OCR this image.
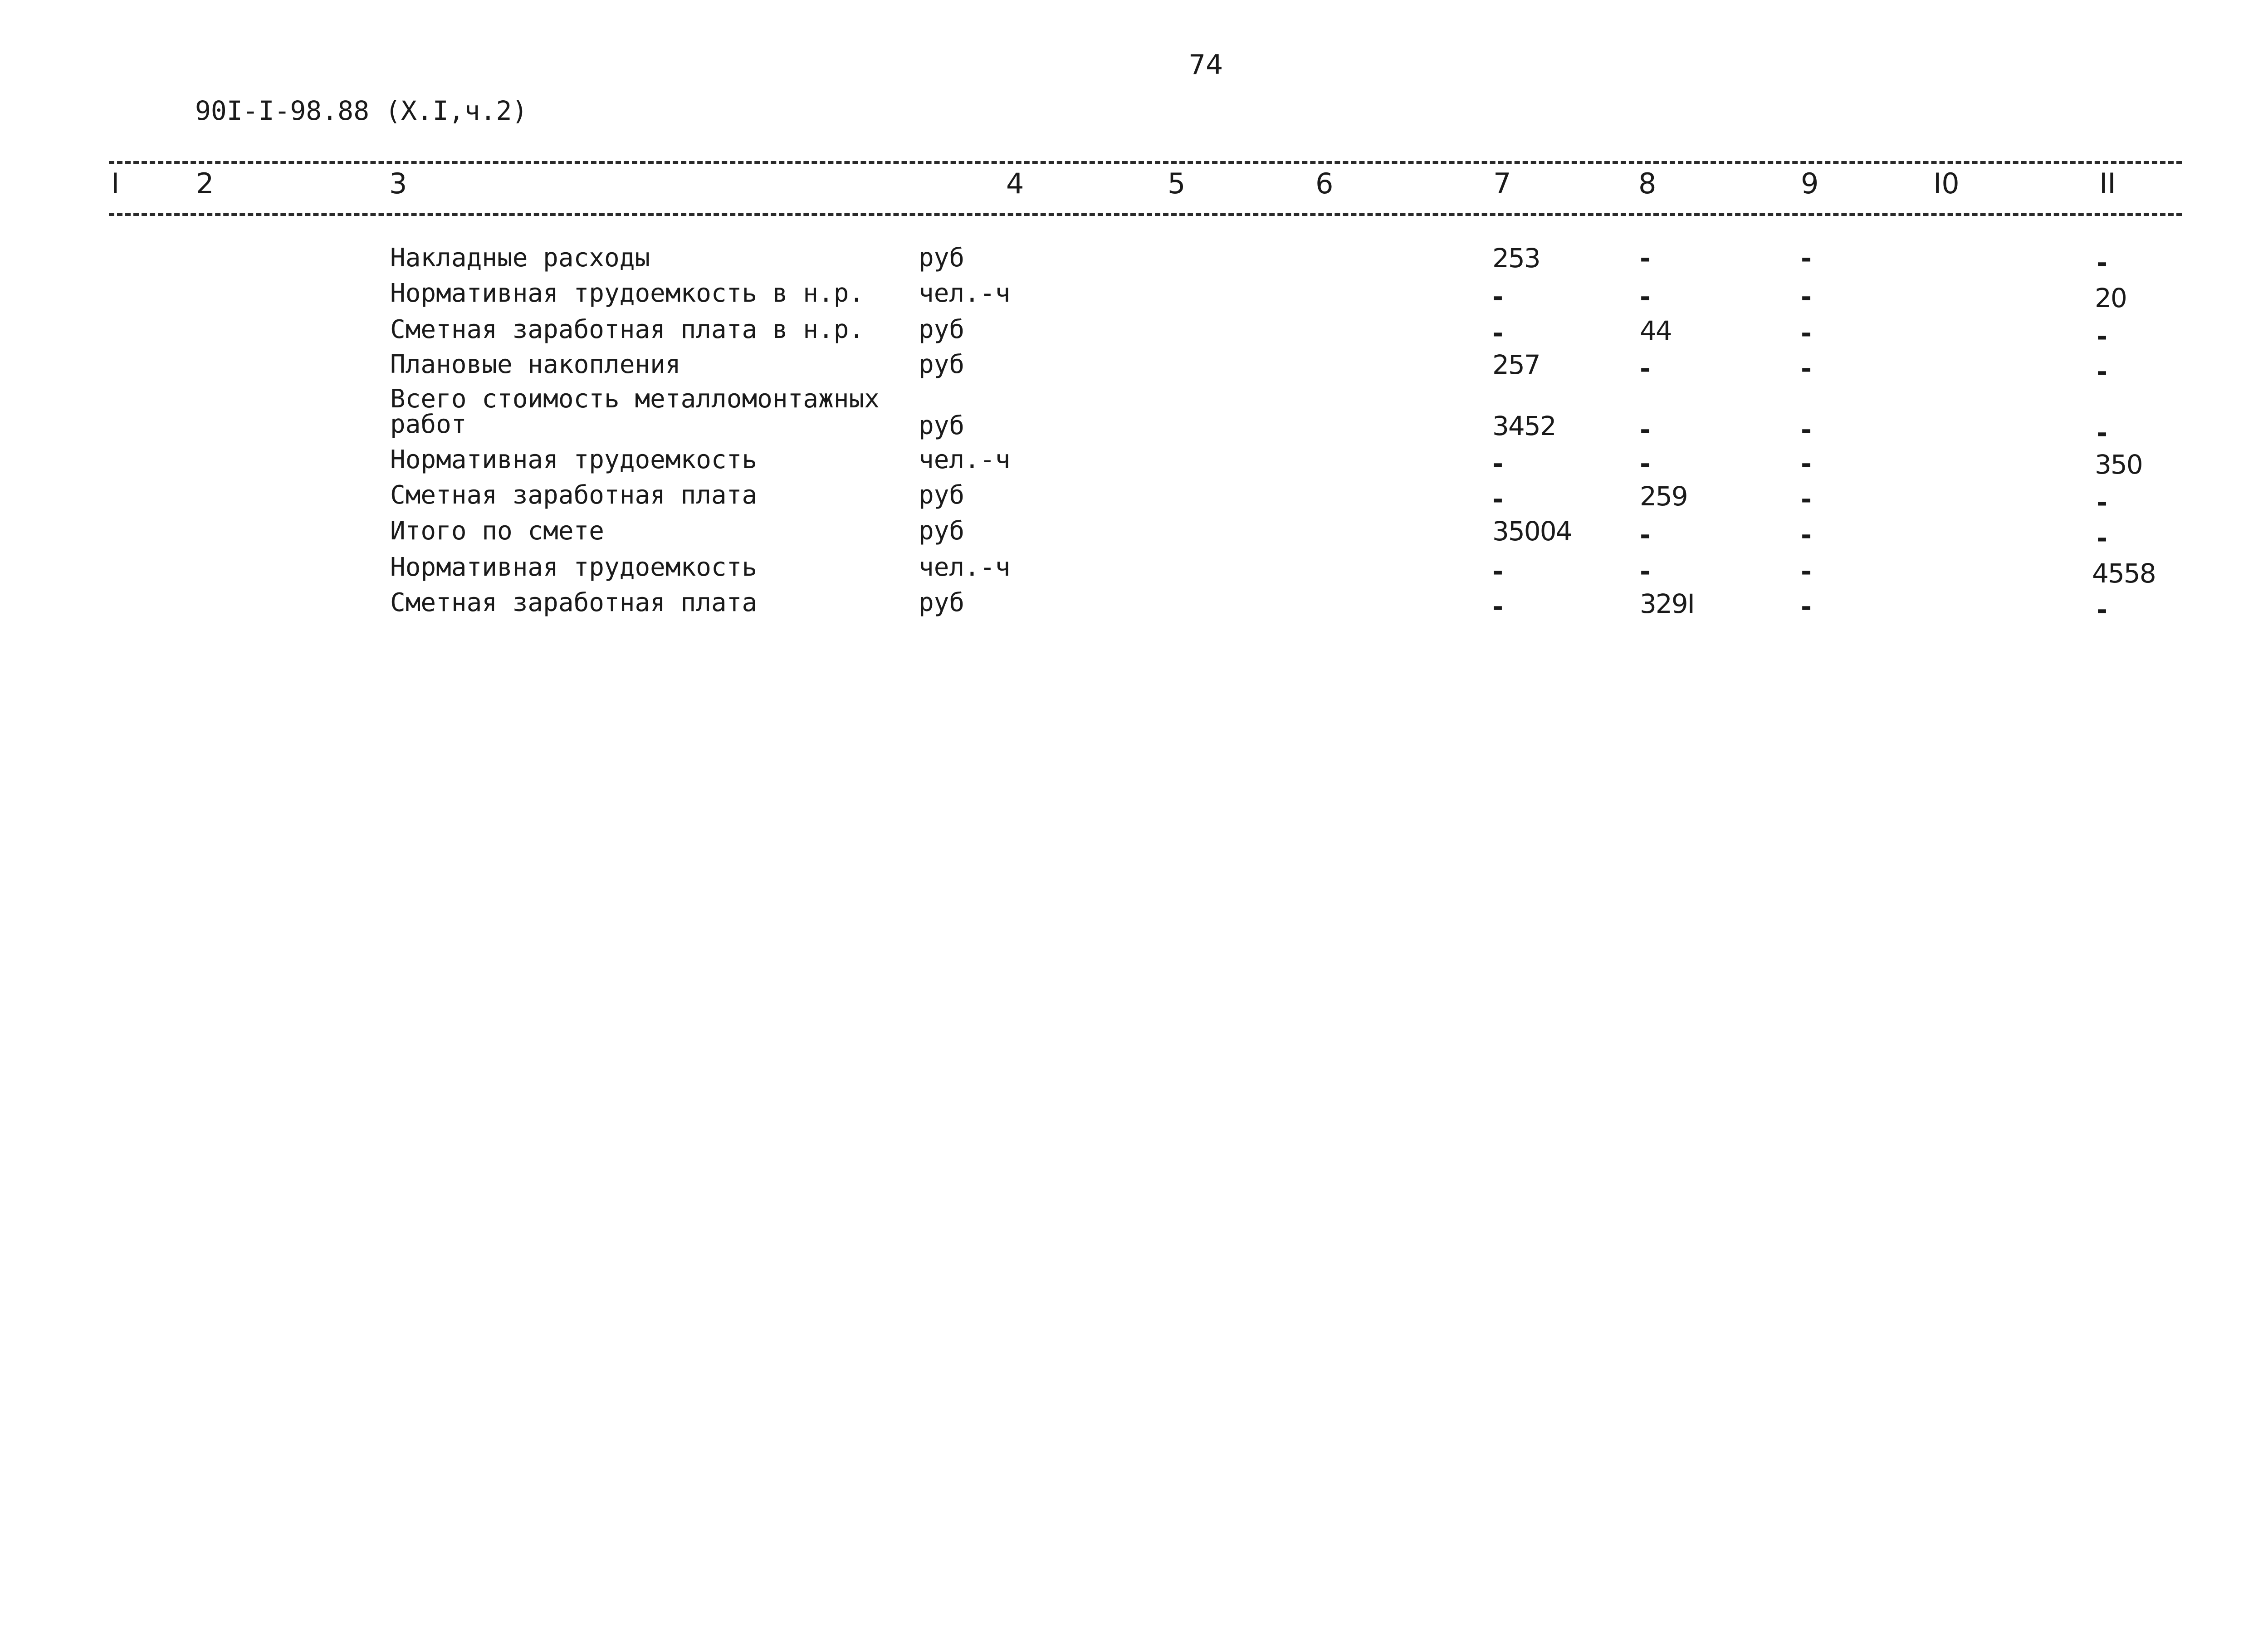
74
90I-I-98.88 (X.I,ч.2)
I	2	3	4	5	6	7	8	9	I0	II
Накладные расходы	руб	253	-	-	-
Нормативная трудоемкость в н.р. чел.-ч	-	-	-	20
Сметная заработная плата в н.р. руб	-	44	-	-
Плановые накопления	руб	257	-	-	-
Всего стоимость металломонтажных работ	руб	3452	-	-	-
Нормативная трудоемкость	чел.-ч	-	-	-	350
Сметная заработная плата	руб	-	259	-	-
Итого по смете	руб	35004	-	-	-
Нормативная трудоемкость	чел.-ч	-	-	-	4558
Сметная заработная плата	руб	-	329I	-	-
